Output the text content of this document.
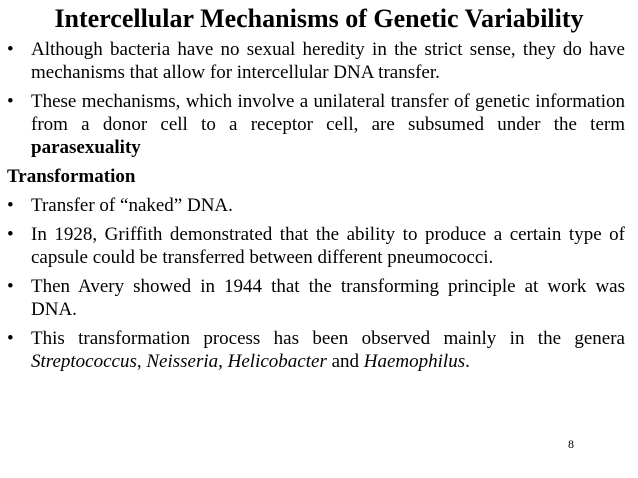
Intercellular Mechanisms of Genetic Variability
• Although bacteria have no sexual heredity in the strict sense, they do have mechanisms that allow for intercellular DNA transfer.
• These mechanisms, which involve a unilateral transfer of genetic information from a donor cell to a receptor cell, are subsumed under the term parasexuality
Transformation
• Transfer of “naked” DNA.
• In 1928, Griffith demonstrated that the ability to produce a certain type of capsule could be transferred between different pneumococci.
• Then Avery showed in 1944 that the transforming principle at work was DNA.
• This transformation process has been observed mainly in the genera Streptococcus, Neisseria, Helicobacter and Haemophilus.
8
